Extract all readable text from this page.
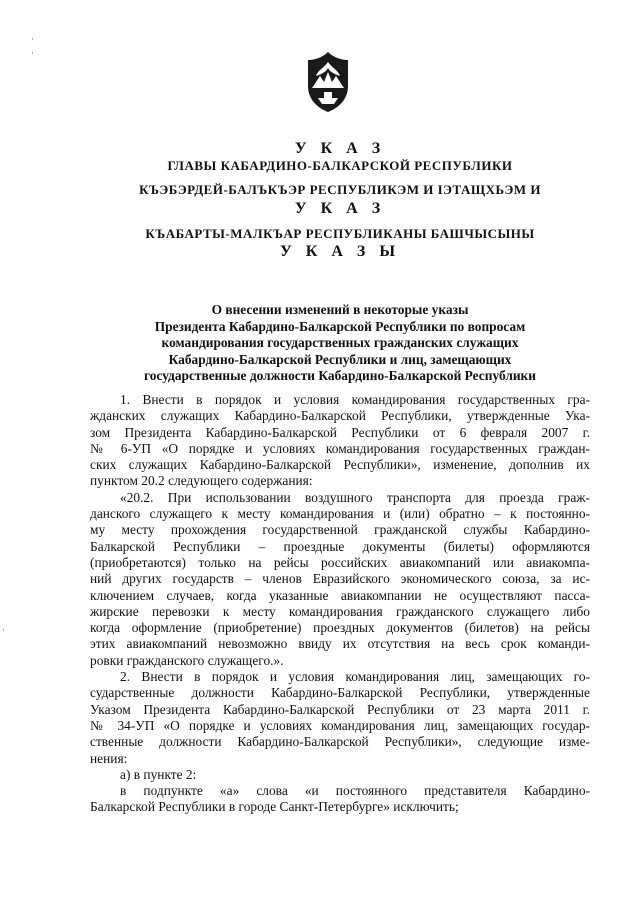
·
·
·
У К А З
ГЛАВЫ КАБАРДИНО-БАЛКАРСКОЙ РЕСПУБЛИКИ
КЪЭБЭРДЕЙ-БАЛЪКЪЭР РЕСПУБЛИКЭМ И IЭТАЩХЬЭМ И
У К А З
КЪАБАРТЫ-МАЛКЪАР РЕСПУБЛИКАНЫ БАШЧЫСЫНЫ
У К А З Ы
О внесении изменений в некоторые указы
Президента Кабардино-Балкарской Республики по вопросам
командирования государственных гражданских служащих
Кабардино-Балкарской Республики и лиц, замещающих
государственные должности Кабардино-Балкарской Республики
1. Внести в порядок и условия командирования государственных гра-
жданских служащих Кабардино-Балкарской Республики, утвержденные Ука-
зом Президента Кабардино-Балкарской Республики от 6 февраля 2007 г.
№ 6-УП «О порядке и условиях командирования государственных граждан-
ских служащих Кабардино-Балкарской Республики», изменение, дополнив их
пунктом 20.2 следующего содержания:
«20.2. При использовании воздушного транспорта для проезда граж-
данского служащего к месту командирования и (или) обратно – к постоянно-
му месту прохождения государственной гражданской службы Кабардино-
Балкарской Республики – проездные документы (билеты) оформляются
(приобретаются) только на рейсы российских авиакомпаний или авиакомпа-
ний других государств – членов Евразийского экономического союза, за ис-
ключением случаев, когда указанные авиакомпании не осуществляют пасса-
жирские перевозки к месту командирования гражданского служащего либо
когда оформление (приобретение) проездных документов (билетов) на рейсы
этих авиакомпаний невозможно ввиду их отсутствия на весь срок команди-
ровки гражданского служащего.».
2. Внести в порядок и условия командирования лиц, замещающих го-
сударственные должности Кабардино-Балкарской Республики, утвержденные
Указом Президента Кабардино-Балкарской Республики от 23 марта 2011 г.
№ 34-УП «О порядке и условиях командирования лиц, замещающих государ-
ственные должности Кабардино-Балкарской Республики», следующие изме-
нения:
а) в пункте 2:
в подпункте «а» слова «и постоянного представителя Кабардино-
Балкарской Республики в городе Санкт-Петербурге» исключить;
